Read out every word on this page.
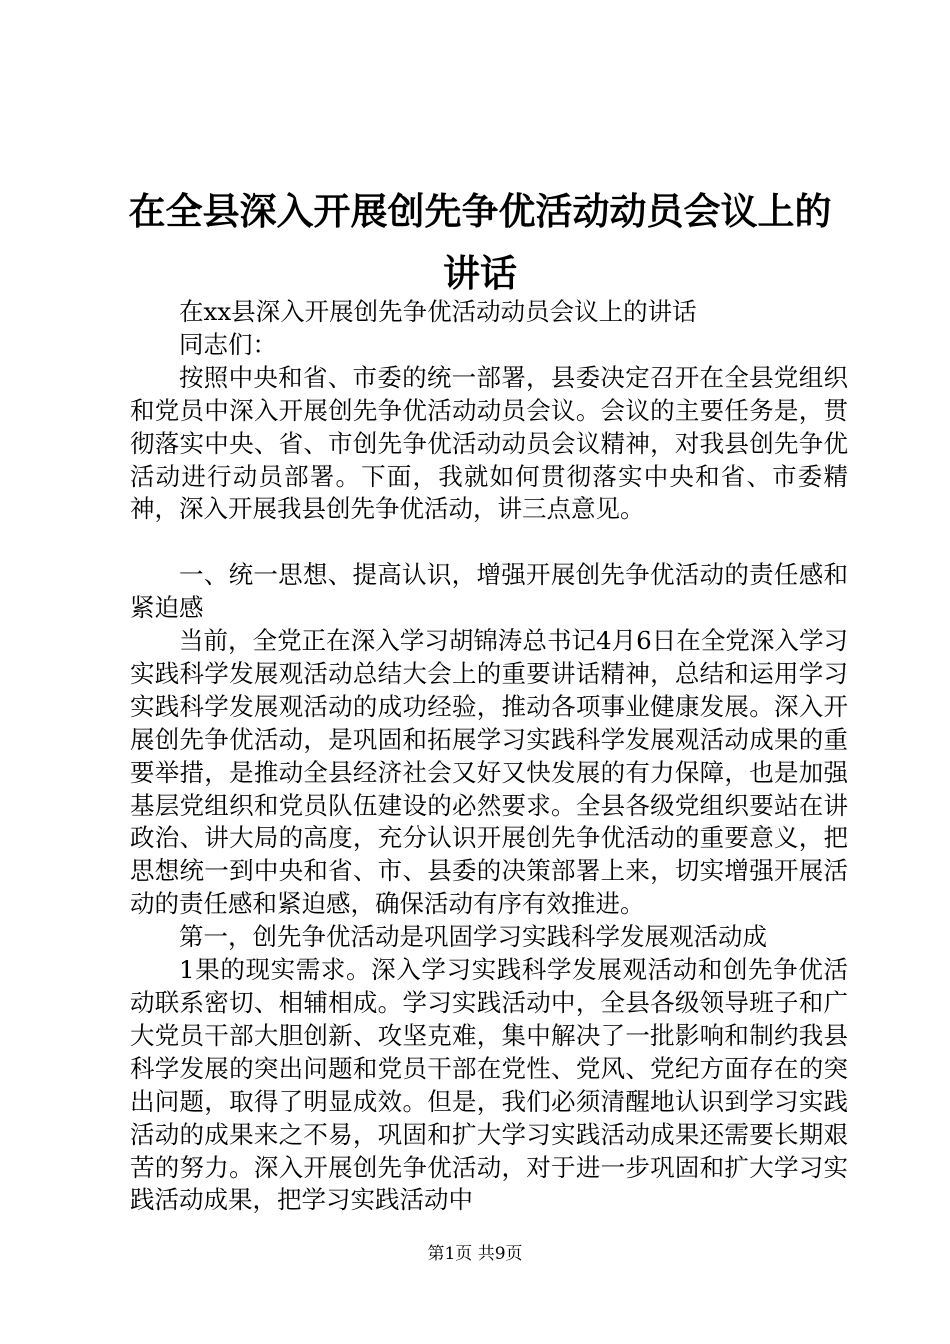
在全县深入开展创先争优活动动员会议上的讲话

在xx县深入开展创先争优活动动员会议上的讲话

同志们：

按照中央和省、市委的统一部署，县委决定召开在全县党组织和党员中深入开展创先争优活动动员会议。会议的主要任务是，贯彻落实中央、省、市创先争优活动动员会议精神，对我县创先争优活动进行动员部署。下面，我就如何贯彻落实中央和省、市委精神，深入开展我县创先争优活动，讲三点意见。

一、统一思想、提高认识，增强开展创先争优活动的责任感和紧迫感

当前，全党正在深入学习胡锦涛总书记4月6日在全党深入学习实践科学发展观活动总结大会上的重要讲话精神，总结和运用学习实践科学发展观活动的成功经验，推动各项事业健康发展。深入开展创先争优活动，是巩固和拓展学习实践科学发展观活动成果的重要举措，是推动全县经济社会又好又快发展的有力保障，也是加强基层党组织和党员队伍建设的必然要求。全县各级党组织要站在讲政治、讲大局的高度，充分认识开展创先争优活动的重要意义，把思想统一到中央和省、市、县委的决策部署上来，切实增强开展活动的责任感和紧迫感，确保活动有序有效推进。

第一，创先争优活动是巩固学习实践科学发展观活动成

1果的现实需求。深入学习实践科学发展观活动和创先争优活动联系密切、相辅相成。学习实践活动中，全县各级领导班子和广大党员干部大胆创新、攻坚克难，集中解决了一批影响和制约我县科学发展的突出问题和党员干部在党性、党风、党纪方面存在的突出问题，取得了明显成效。但是，我们必须清醒地认识到学习实践活动的成果来之不易，巩固和扩大学习实践活动成果还需要长期艰苦的努力。深入开展创先争优活动，对于进一步巩固和扩大学习实践活动成果，把学习实践活动中

第1页 共9页
